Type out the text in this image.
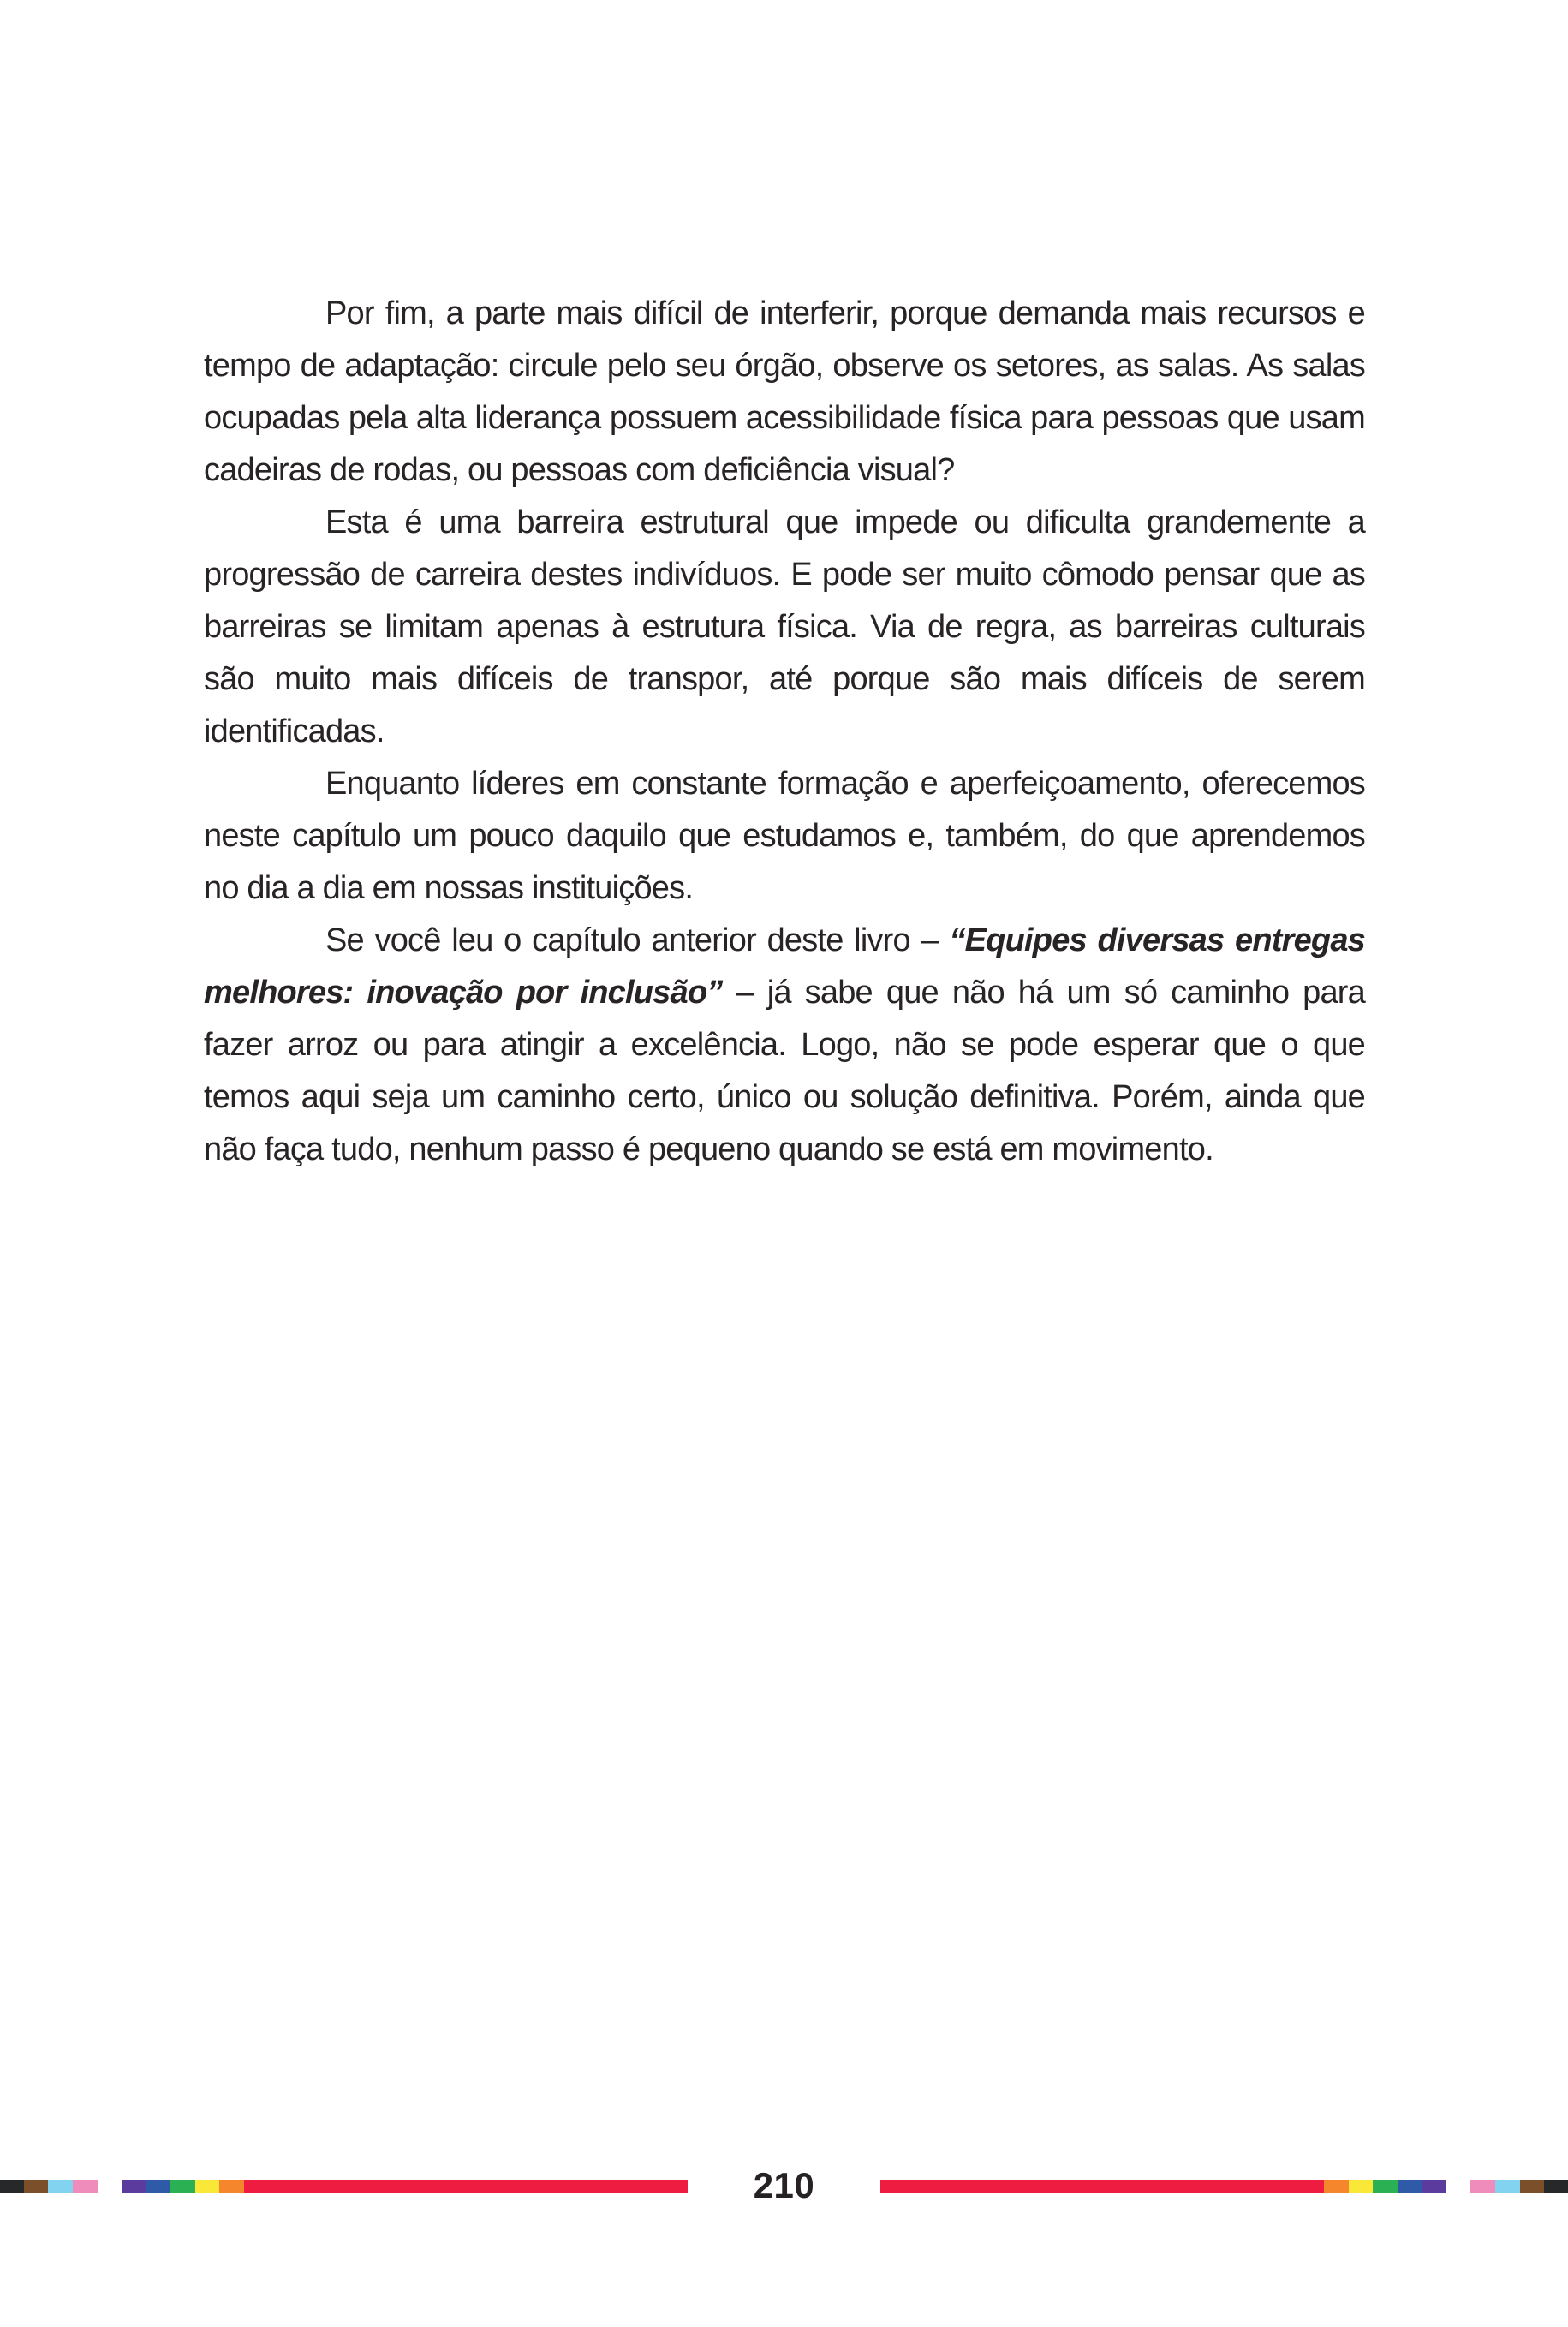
Por fim, a parte mais difícil de interferir, porque demanda mais recursos e tempo de adaptação: circule pelo seu órgão, observe os setores, as salas. As salas ocupadas pela alta liderança possuem acessibilidade física para pessoas que usam cadeiras de rodas, ou pessoas com deficiência visual?

Esta é uma barreira estrutural que impede ou dificulta grandemente a progressão de carreira destes indivíduos. E pode ser muito cômodo pensar que as barreiras se limitam apenas à estrutura física. Via de regra, as barreiras culturais são muito mais difíceis de transpor, até porque são mais difíceis de serem identificadas.

Enquanto líderes em constante formação e aperfeiçoamento, oferecemos neste capítulo um pouco daquilo que estudamos e, também, do que aprendemos no dia a dia em nossas instituições.

Se você leu o capítulo anterior deste livro – “Equipes diversas entregas melhores: inovação por inclusão” – já sabe que não há um só caminho para fazer arroz ou para atingir a excelência. Logo, não se pode esperar que o que temos aqui seja um caminho certo, único ou solução definitiva. Porém, ainda que não faça tudo, nenhum passo é pequeno quando se está em movimento.

210
